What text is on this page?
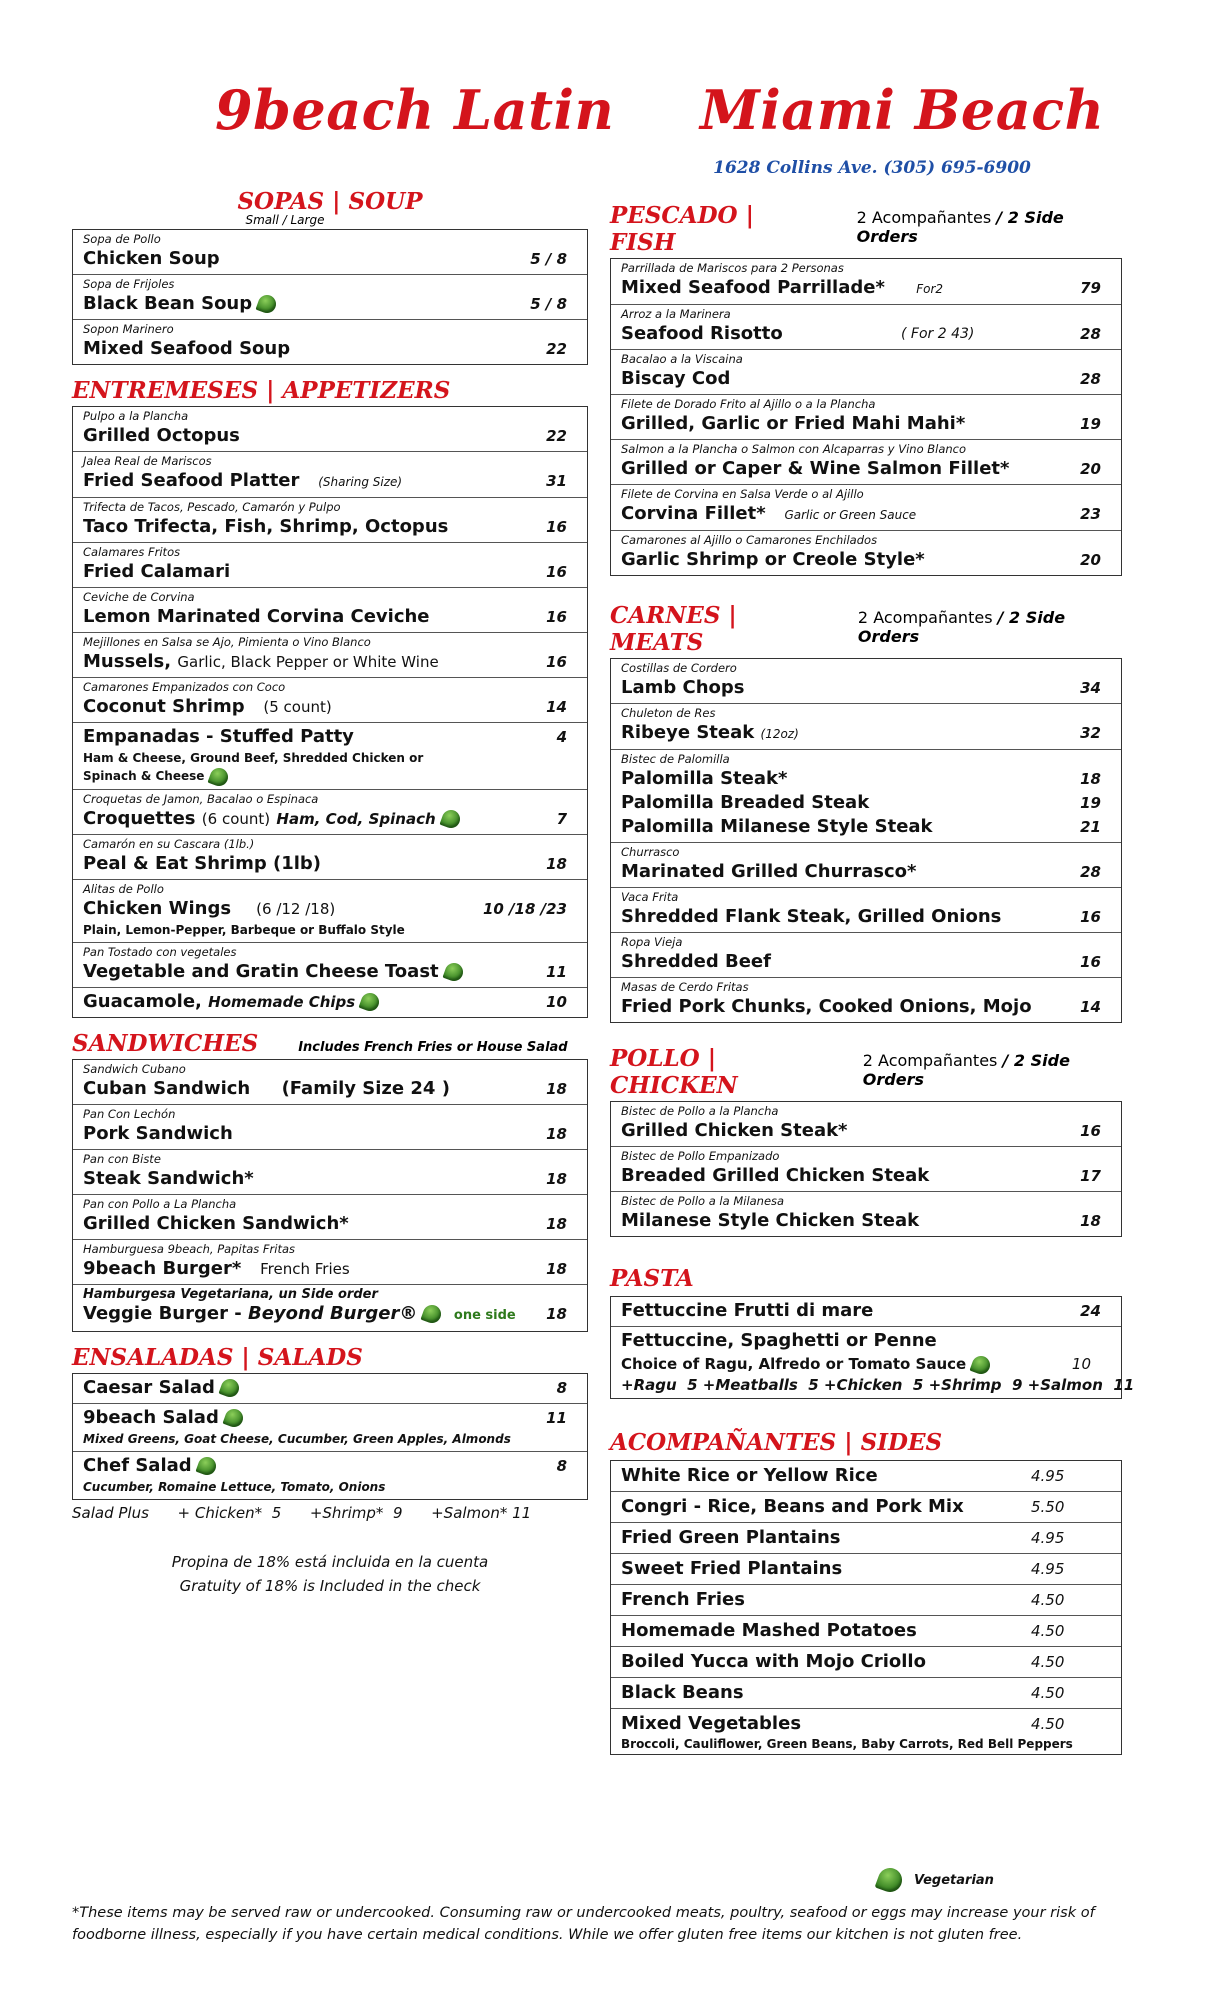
9beach Latin Miami Beach
1628 Collins Ave. (305) 695-6900
SOPAS | SOUP
Small / Large
Sopa de Pollo
Chicken Soup	5 / 8
Sopa de Frijoles
Black Bean Soup	5 / 8
Sopon Marinero
Mixed Seafood Soup	22
ENTREMESES | APPETIZERS
Pulpo a la Plancha
Grilled Octopus	22
Jalea Real de Mariscos
Fried Seafood Platter (Sharing Size)	31
Trifecta de Tacos, Pescado, Camarón y Pulpo
Taco Trifecta, Fish, Shrimp, Octopus	16
Calamares Fritos
Fried Calamari	16
Ceviche de Corvina
Lemon Marinated Corvina Ceviche	16
Mejillones en Salsa se Ajo, Pimienta o Vino Blanco
Mussels, Garlic, Black Pepper or White Wine	16
Camarones Empanizados con Coco
Coconut Shrimp (5 count)	14
Empanadas - Stuffed Patty	4
Ham & Cheese, Ground Beef, Shredded Chicken or
Spinach & Cheese
Croquetas de Jamon, Bacalao o Espinaca
Croquettes (6 count) Ham, Cod, Spinach	7
Camarón en su Cascara (1lb.)
Peal & Eat Shrimp (1lb)	18
Alitas de Pollo
Chicken Wings (6 /12 /18)	10 /18 /23
Plain, Lemon-Pepper, Barbeque or Buffalo Style
Pan Tostado con vegetales
Vegetable and Gratin Cheese Toast	11
Guacamole, Homemade Chips	10
SANDWICHES	Includes French Fries or House Salad
Sandwich Cubano
Cuban Sandwich (Family Size 24 )	18
Pan Con Lechón
Pork Sandwich	18
Pan con Biste
Steak Sandwich*	18
Pan con Pollo a La Plancha
Grilled Chicken Sandwich*	18
Hamburguesa 9beach, Papitas Fritas
9beach Burger* French Fries	18
Hamburgesa Vegetariana, un Side order
Veggie Burger - Beyond Burger®	one side 18
ENSALADAS | SALADS
Caesar Salad	8
9beach Salad	11
Mixed Greens, Goat Cheese, Cucumber, Green Apples, Almonds
Chef Salad	8
Cucumber, Romaine Lettuce, Tomato, Onions
Salad Plus      + Chicken*  5      +Shrimp*  9      +Salmon* 11
Propina de 18% está incluida en la cuenta
Gratuity of 18% is Included in the check
PESCADO | FISH
2 Acompañantes / 2 Side Orders
Parrillada de Mariscos para 2 Personas
Mixed Seafood Parrillade*	For2	79
Arroz a la Marinera
Seafood Risotto	( For 2 43)	28
Bacalao a la Viscaina
Biscay Cod	28
Filete de Dorado Frito al Ajillo o a la Plancha
Grilled, Garlic or Fried Mahi Mahi*	19
Salmon a la Plancha o Salmon con Alcaparras y Vino Blanco
Grilled or Caper & Wine Salmon Fillet*	20
Filete de Corvina en Salsa Verde o al Ajillo
Corvina Fillet* Garlic or Green Sauce	23
Camarones al Ajillo o Camarones Enchilados
Garlic Shrimp or Creole Style*	20
CARNES | MEATS
2 Acompañantes / 2 Side Orders
Costillas de Cordero
Lamb Chops	34
Chuleton de Res
Ribeye Steak (12oz)	32
Bistec de Palomilla
Palomilla Steak*	18
Palomilla Breaded Steak	19
Palomilla Milanese Style Steak	21
Churrasco
Marinated Grilled Churrasco*	28
Vaca Frita
Shredded Flank Steak, Grilled Onions	16
Ropa Vieja
Shredded Beef	16
Masas de Cerdo Fritas
Fried Pork Chunks, Cooked Onions, Mojo	14
POLLO | CHICKEN
2 Acompañantes / 2 Side Orders
Bistec de Pollo a la Plancha
Grilled Chicken Steak*	16
Bistec de Pollo Empanizado
Breaded Grilled Chicken Steak	17
Bistec de Pollo a la Milanesa
Milanese Style Chicken Steak	18
PASTA
Fettuccine Frutti di mare	24
Fettuccine, Spaghetti or Penne
Choice of Ragu, Alfredo or Tomato Sauce	10
+Ragu  5 +Meatballs  5 +Chicken  5 +Shrimp  9 +Salmon  11
ACOMPAÑANTES | SIDES
White Rice or Yellow Rice	4.95
Congri - Rice, Beans and Pork Mix	5.50
Fried Green Plantains	4.95
Sweet Fried Plantains	4.95
French Fries	4.50
Homemade Mashed Potatoes	4.50
Boiled Yucca with Mojo Criollo	4.50
Black Beans	4.50
Mixed Vegetables	4.50
Broccoli, Cauliflower, Green Beans, Baby Carrots, Red Bell Peppers
Vegetarian
*These items may be served raw or undercooked. Consuming raw or undercooked meats, poultry, seafood or eggs may increase your risk of foodborne illness, especially if you have certain medical conditions. While we offer gluten free items our kitchen is not gluten free.
